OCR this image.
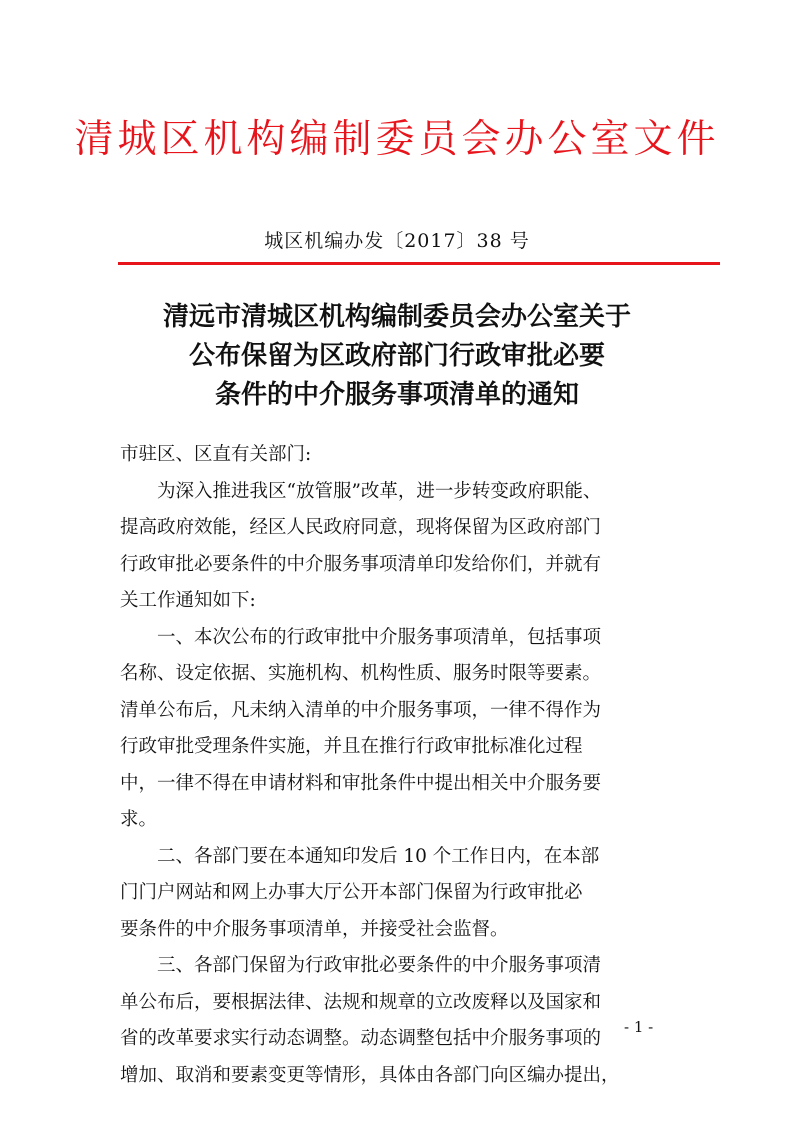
清城区机构编制委员会办公室文件
城区机编办发〔2017〕38 号
清远市清城区机构编制委员会办公室关于
公布保留为区政府部门行政审批必要
条件的中介服务事项清单的通知
市驻区、区直有关部门:
为深入推进我区“放管服”改革，进一步转变政府职能、
提高政府效能，经区人民政府同意，现将保留为区政府部门
行政审批必要条件的中介服务事项清单印发给你们，并就有
关工作通知如下:
一、本次公布的行政审批中介服务事项清单，包括事项
名称、设定依据、实施机构、机构性质、服务时限等要素。
清单公布后，凡未纳入清单的中介服务事项，一律不得作为
行政审批受理条件实施，并且在推行行政审批标准化过程
中，一律不得在申请材料和审批条件中提出相关中介服务要
求。
二、各部门要在本通知印发后 10 个工作日内，在本部
门门户网站和网上办事大厅公开本部门保留为行政审批必
要条件的中介服务事项清单，并接受社会监督。
三、各部门保留为行政审批必要条件的中介服务事项清
单公布后，要根据法律、法规和规章的立改废释以及国家和
省的改革要求实行动态调整。动态调整包括中介服务事项的
增加、取消和要素变更等情形，具体由各部门向区编办提出，
- 1 -
